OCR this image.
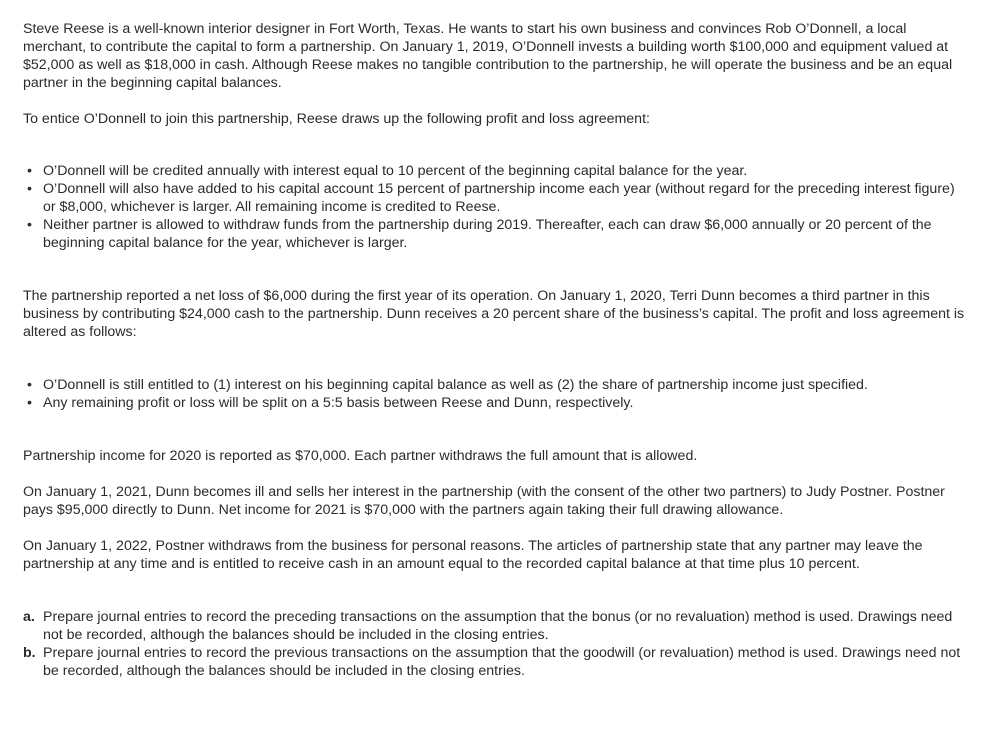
Steve Reese is a well-known interior designer in Fort Worth, Texas. He wants to start his own business and convinces Rob O’Donnell, a local merchant, to contribute the capital to form a partnership. On January 1, 2019, O’Donnell invests a building worth $100,000 and equipment valued at $52,000 as well as $18,000 in cash. Although Reese makes no tangible contribution to the partnership, he will operate the business and be an equal partner in the beginning capital balances.

To entice O’Donnell to join this partnership, Reese draws up the following profit and loss agreement:

• O’Donnell will be credited annually with interest equal to 10 percent of the beginning capital balance for the year.
• O’Donnell will also have added to his capital account 15 percent of partnership income each year (without regard for the preceding interest figure) or $8,000, whichever is larger. All remaining income is credited to Reese.
• Neither partner is allowed to withdraw funds from the partnership during 2019. Thereafter, each can draw $6,000 annually or 20 percent of the beginning capital balance for the year, whichever is larger.

The partnership reported a net loss of $6,000 during the first year of its operation. On January 1, 2020, Terri Dunn becomes a third partner in this business by contributing $24,000 cash to the partnership. Dunn receives a 20 percent share of the business’s capital. The profit and loss agreement is altered as follows:

• O’Donnell is still entitled to (1) interest on his beginning capital balance as well as (2) the share of partnership income just specified.
• Any remaining profit or loss will be split on a 5:5 basis between Reese and Dunn, respectively.

Partnership income for 2020 is reported as $70,000. Each partner withdraws the full amount that is allowed.

On January 1, 2021, Dunn becomes ill and sells her interest in the partnership (with the consent of the other two partners) to Judy Postner. Postner pays $95,000 directly to Dunn. Net income for 2021 is $70,000 with the partners again taking their full drawing allowance.

On January 1, 2022, Postner withdraws from the business for personal reasons. The articles of partnership state that any partner may leave the partnership at any time and is entitled to receive cash in an amount equal to the recorded capital balance at that time plus 10 percent.

a. Prepare journal entries to record the preceding transactions on the assumption that the bonus (or no revaluation) method is used. Drawings need not be recorded, although the balances should be included in the closing entries.
b. Prepare journal entries to record the previous transactions on the assumption that the goodwill (or revaluation) method is used. Drawings need not be recorded, although the balances should be included in the closing entries.
